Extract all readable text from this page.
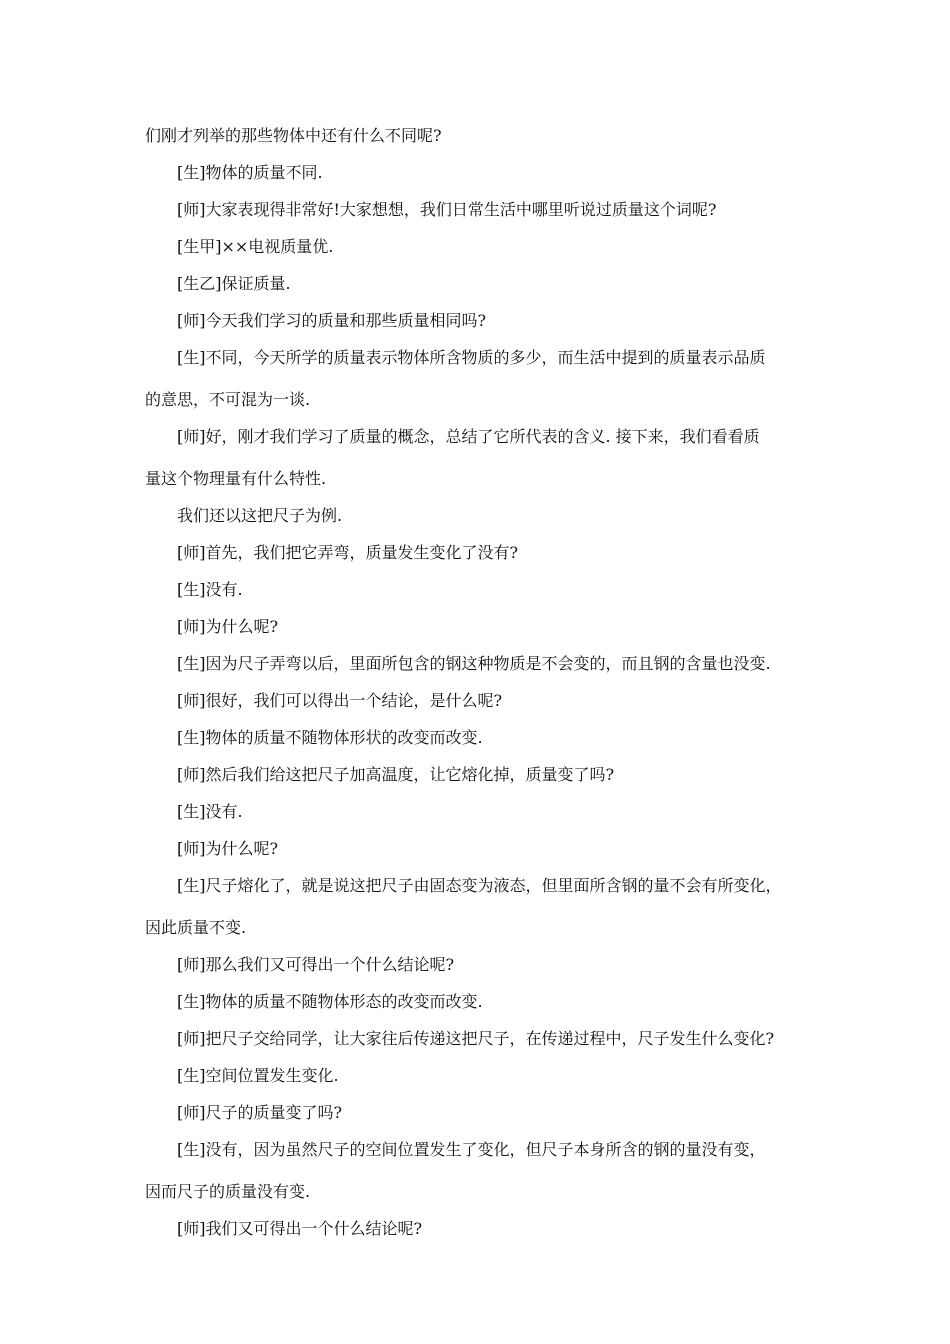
们刚才列举的那些物体中还有什么不同呢?
[生]物体的质量不同.
[师]大家表现得非常好!大家想想，我们日常生活中哪里听说过质量这个词呢?
[生甲]××电视质量优.
[生乙]保证质量.
[师]今天我们学习的质量和那些质量相同吗?
[生]不同，今天所学的质量表示物体所含物质的多少，而生活中提到的质量表示品质
的意思，不可混为一谈.
[师]好，刚才我们学习了质量的概念，总结了它所代表的含义. 接下来，我们看看质
量这个物理量有什么特性.
我们还以这把尺子为例.
[师]首先，我们把它弄弯，质量发生变化了没有?
[生]没有.
[师]为什么呢?
[生]因为尺子弄弯以后，里面所包含的钢这种物质是不会变的，而且钢的含量也没变.
[师]很好，我们可以得出一个结论，是什么呢?
[生]物体的质量不随物体形状的改变而改变.
[师]然后我们给这把尺子加高温度，让它熔化掉，质量变了吗?
[生]没有.
[师]为什么呢?
[生]尺子熔化了，就是说这把尺子由固态变为液态，但里面所含钢的量不会有所变化，
因此质量不变.
[师]那么我们又可得出一个什么结论呢?
[生]物体的质量不随物体形态的改变而改变.
[师]把尺子交给同学，让大家往后传递这把尺子，在传递过程中，尺子发生什么变化?
[生]空间位置发生变化.
[师]尺子的质量变了吗?
[生]没有，因为虽然尺子的空间位置发生了变化，但尺子本身所含的钢的量没有变，
因而尺子的质量没有变.
[师]我们又可得出一个什么结论呢?
